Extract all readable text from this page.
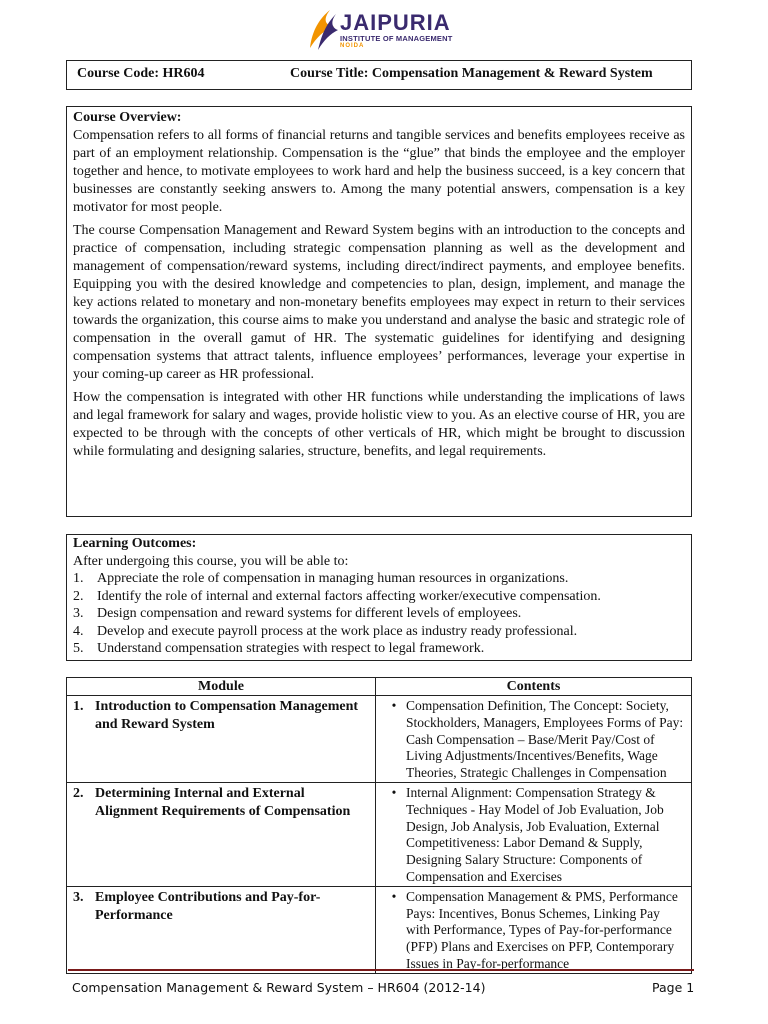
JAIPURIA
INSTITUTE OF MANAGEMENT
NOIDA
Course Code: HR604	Course Title: Compensation Management & Reward System
Course Overview:

Compensation refers to all forms of financial returns and tangible services and benefits employees receive as part of an employment relationship. Compensation is the “glue” that binds the employee and the employer together and hence, to motivate employees to work hard and help the business succeed, is a key concern that businesses are constantly seeking answers to. Among the many potential answers, compensation is a key motivator for most people.

The course Compensation Management and Reward System begins with an introduction to the concepts and practice of compensation, including strategic compensation planning as well as the development and management of compensation/reward systems, including direct/indirect payments, and employee benefits. Equipping you with the desired knowledge and competencies to plan, design, implement, and manage the key actions related to monetary and non-monetary benefits employees may expect in return to their services towards the organization, this course aims to make you understand and analyse the basic and strategic role of compensation in the overall gamut of HR. The systematic guidelines for identifying and designing compensation systems that attract talents, influence employees’ performances, leverage your expertise in your coming-up career as HR professional.

How the compensation is integrated with other HR functions while understanding the implications of laws and legal framework for salary and wages, provide holistic view to you. As an elective course of HR, you are expected to be through with the concepts of other verticals of HR, which might be brought to discussion while formulating and designing salaries, structure, benefits, and legal requirements.

Learning Outcomes:
After undergoing this course, you will be able to:
1. Appreciate the role of compensation in managing human resources in organizations.
2. Identify the role of internal and external factors affecting worker/executive compensation.
3. Design compensation and reward systems for different levels of employees.
4. Develop and execute payroll process at the work place as industry ready professional.
5. Understand compensation strategies with respect to legal framework.
Module	Contents

1. Introduction to Compensation Management and Reward System	• Compensation Definition, The Concept: Society, Stockholders, Managers, Employees Forms of Pay: Cash Compensation – Base/Merit Pay/Cost of Living Adjustments/Incentives/Benefits, Wage Theories, Strategic Challenges in Compensation

2. Determining Internal and External Alignment Requirements of Compensation	• Internal Alignment: Compensation Strategy & Techniques - Hay Model of Job Evaluation, Job Design, Job Analysis, Job Evaluation, External Competitiveness: Labor Demand & Supply, Designing Salary Structure: Components of Compensation and Exercises

3. Employee Contributions and Pay-for-Performance	• Compensation Management & PMS, Performance Pays: Incentives, Bonus Schemes, Linking Pay with Performance, Types of Pay-for-performance (PFP) Plans and Exercises on PFP, Contemporary Issues in Pay-for-performance
Compensation Management & Reward System – HR604 (2012-14)	Page 1
